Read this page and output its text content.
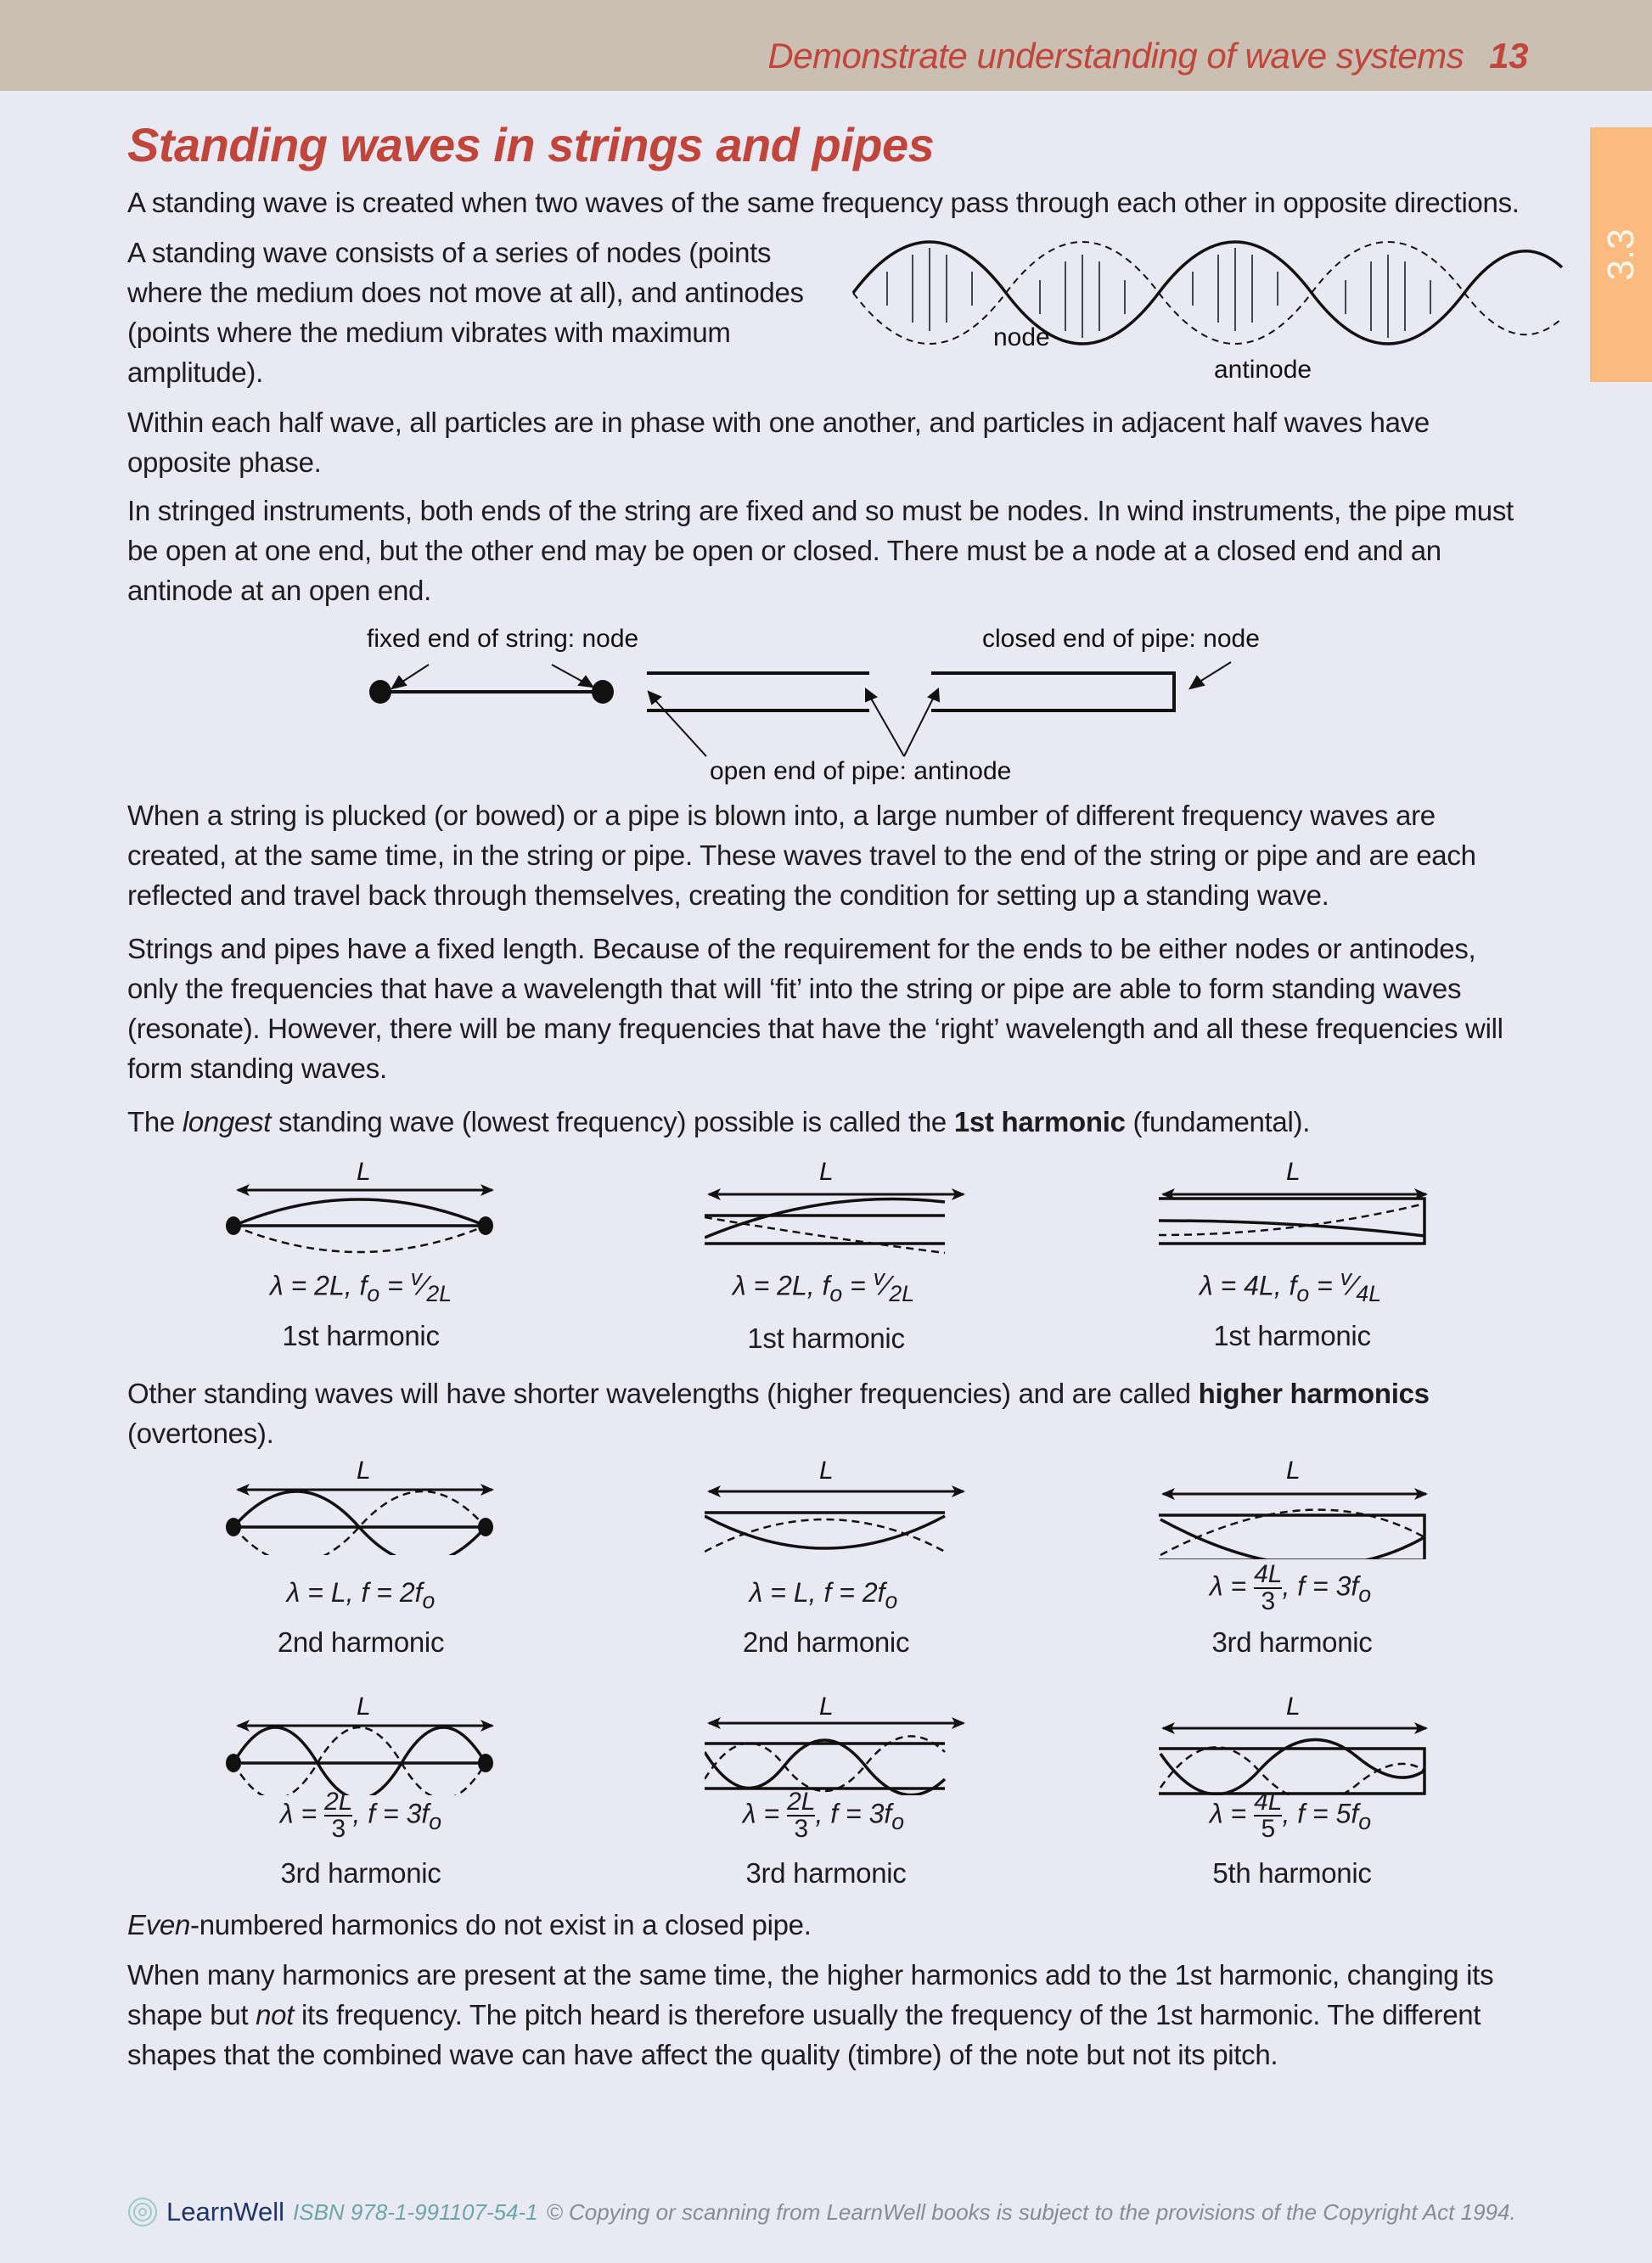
Demonstrate understanding of wave systems 13
3.3
Standing waves in strings and pipes
A standing wave is created when two waves of the same frequency pass through each other in opposite directions.
A standing wave consists of a series of nodes (points where the medium does not move at all), and antinodes (points where the medium vibrates with maximum amplitude).
node
antinode
Within each half wave, all particles are in phase with one another, and particles in adjacent half waves have opposite phase.
In stringed instruments, both ends of the string are fixed and so must be nodes. In wind instruments, the pipe must be open at one end, but the other end may be open or closed. There must be a node at a closed end and an antinode at an open end.
fixed end of string: node	closed end of pipe: node
open end of pipe: antinode
When a string is plucked (or bowed) or a pipe is blown into, a large number of different frequency waves are created, at the same time, in the string or pipe. These waves travel to the end of the string or pipe and are each reflected and travel back through themselves, creating the condition for setting up a standing wave.
Strings and pipes have a fixed length. Because of the requirement for the ends to be either nodes or antinodes, only the frequencies that have a wavelength that will ‘fit’ into the string or pipe are able to form standing waves (resonate). However, there will be many frequencies that have the ‘right’ wavelength and all these frequencies will form standing waves.
The longest standing wave (lowest frequency) possible is called the 1st harmonic (fundamental).
L	L	L
λ = 2L, $f_o$ = $^v⁄_{2L}$	λ = 2L, $f_o$ = $^v⁄_{2L}$	λ = 4L, $f_o$ = $^v⁄_{4L}$
1st harmonic	1st harmonic	1st harmonic
Other standing waves will have shorter wavelengths (higher frequencies) and are called higher harmonics (overtones).
L	L	L
λ = L, $f = 2f_o$	λ = L, $f = 2f_o$	$\lambda = \frac{4L}{3}$ , $f = 3f_o$
2nd harmonic	2nd harmonic	3rd harmonic
L	L	L
$\lambda = \frac{2L}{3}$ , $f = 3f_o$	$\lambda = \frac{2L}{3}$ , $f = 3f_o$	$\lambda = \frac{4L}{5}$ , $f = 5f_o$
3rd harmonic	3rd harmonic	5th harmonic
Even-numbered harmonics do not exist in a closed pipe.
When many harmonics are present at the same time, the higher harmonics add to the 1st harmonic, changing its shape but not its frequency. The pitch heard is therefore usually the frequency of the 1st harmonic. The different shapes that the combined wave can have affect the quality (timbre) of the note but not its pitch.
LearnWell ISBN 978-1-991107-54-1 © Copying or scanning from LearnWell books is subject to the provisions of the Copyright Act 1994.
